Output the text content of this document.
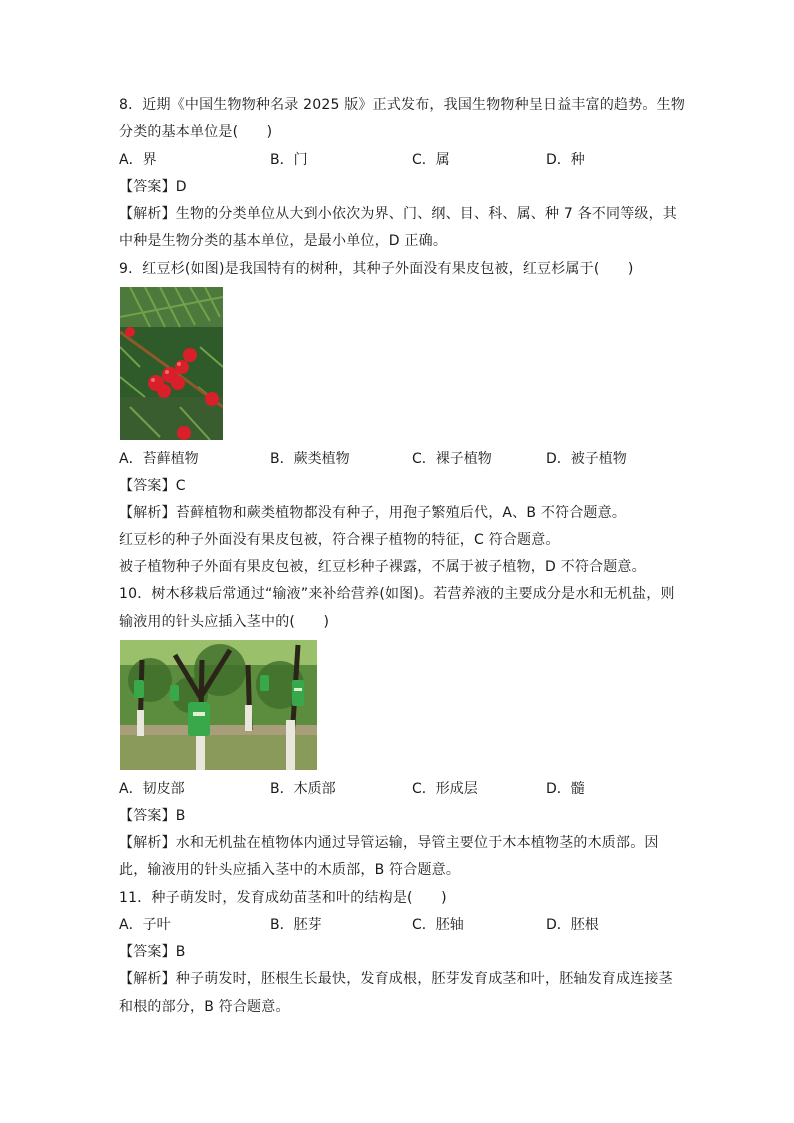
8．近期《中国生物物种名录 2025 版》正式发布，我国生物物种呈日益丰富的趋势。生物
分类的基本单位是(　　)
A．界	B．门	C．属	D．种
【答案】D
【解析】生物的分类单位从大到小依次为界、门、纲、目、科、属、种 7 各不同等级，其
中种是生物分类的基本单位，是最小单位，D 正确。
9．红豆杉(如图)是我国特有的树种，其种子外面没有果皮包被，红豆杉属于(　　)
A．苔藓植物	B．蕨类植物	C．裸子植物	D．被子植物
【答案】C
【解析】苔藓植物和蕨类植物都没有种子，用孢子繁殖后代，A、B 不符合题意。
红豆杉的种子外面没有果皮包被，符合裸子植物的特征，C 符合题意。
被子植物种子外面有果皮包被，红豆杉种子裸露，不属于被子植物，D 不符合题意。
10．树木移栽后常通过“输液”来补给营养(如图)。若营养液的主要成分是水和无机盐，则
输液用的针头应插入茎中的(　　)
A．韧皮部	B．木质部	C．形成层	D．髓
【答案】B
【解析】水和无机盐在植物体内通过导管运输，导管主要位于木本植物茎的木质部。因
此，输液用的针头应插入茎中的木质部，B 符合题意。
11．种子萌发时，发育成幼苗茎和叶的结构是(　　)
A．子叶	B．胚芽	C．胚轴	D．胚根
【答案】B
【解析】种子萌发时，胚根生长最快，发育成根，胚芽发育成茎和叶，胚轴发育成连接茎
和根的部分，B 符合题意。
